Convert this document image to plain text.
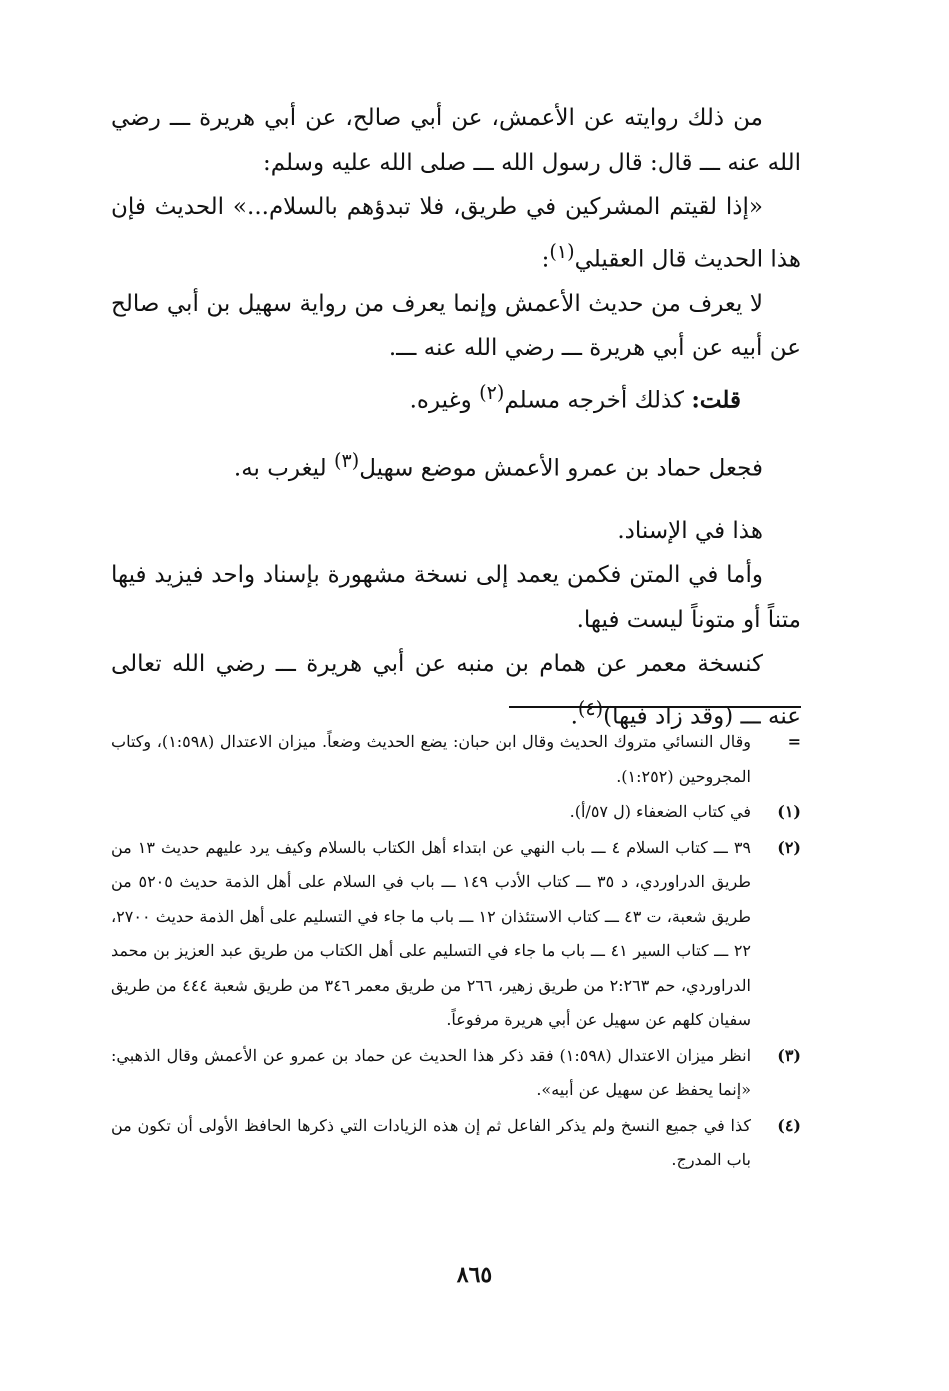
من ذلك روايته عن الأعمش، عن أبي صالح، عن أبي هريرة ـــ رضي الله عنه ـــ قال: قال رسول الله ـــ صلى الله عليه وسلم:

«إذا لقيتم المشركين في طريق، فلا تبدؤهم بالسلام...» الحديث فإن هذا الحديث قال العقيلي$^{(١)}$:

لا يعرف من حديث الأعمش وإنما يعرف من رواية سهيل بن أبي صالح عن أبيه عن أبي هريرة ـــ رضي الله عنه ـــ.

قلت: كذلك أخرجه مسلم$^{(٢)}$ وغيره.

فجعل حماد بن عمرو الأعمش موضع سهيل$^{(٣)}$ ليغرب به.

هذا في الإسناد.

وأما في المتن فكمن يعمد إلى نسخة مشهورة بإسناد واحد فيزيد فيها متناً أو متوناً ليست فيها.

كنسخة معمر عن همام بن منبه عن أبي هريرة ـــ رضي الله تعالى عنه ـــ (وقد زاد فيها)$^{(٤)}$.

=
وقال النسائي متروك الحديث وقال ابن حبان: يضع الحديث وضعاً. ميزان الاعتدال (١:٥٩٨)، وكتاب المجروحين (١:٢٥٢).
(١)
في كتاب الضعفاء (ل ٥٧/أ).
(٢)
٣٩ ـــ كتاب السلام ٤ ـــ باب النهي عن ابتداء أهل الكتاب بالسلام وكيف يرد عليهم حديث ١٣ من طريق الدراوردي، د ٣٥ ـــ كتاب الأدب ١٤٩ ـــ باب في السلام على أهل الذمة حديث ٥٢٠٥ من طريق شعبة، ت ٤٣ ـــ كتاب الاستئذان ١٢ ـــ باب ما جاء في التسليم على أهل الذمة حديث ٢٧٠٠، ٢٢ ـــ كتاب السير ٤١ ـــ باب ما جاء في التسليم على أهل الكتاب من طريق عبد العزيز بن محمد الدراوردي، حم ٢:٢٦٣ من طريق زهير، ٢٦٦ من طريق معمر ٣٤٦ من طريق شعبة ٤٤٤ من طريق سفيان كلهم عن سهيل عن أبي هريرة مرفوعاً.
(٣)
انظر ميزان الاعتدال (١:٥٩٨) فقد ذكر هذا الحديث عن حماد بن عمرو عن الأعمش وقال الذهبي: «إنما يحفظ عن سهيل عن أبيه».
(٤)
كذا في جميع النسخ ولم يذكر الفاعل ثم إن هذه الزيادات التي ذكرها الحافظ الأولى أن تكون من باب المدرج.
٨٦٥
